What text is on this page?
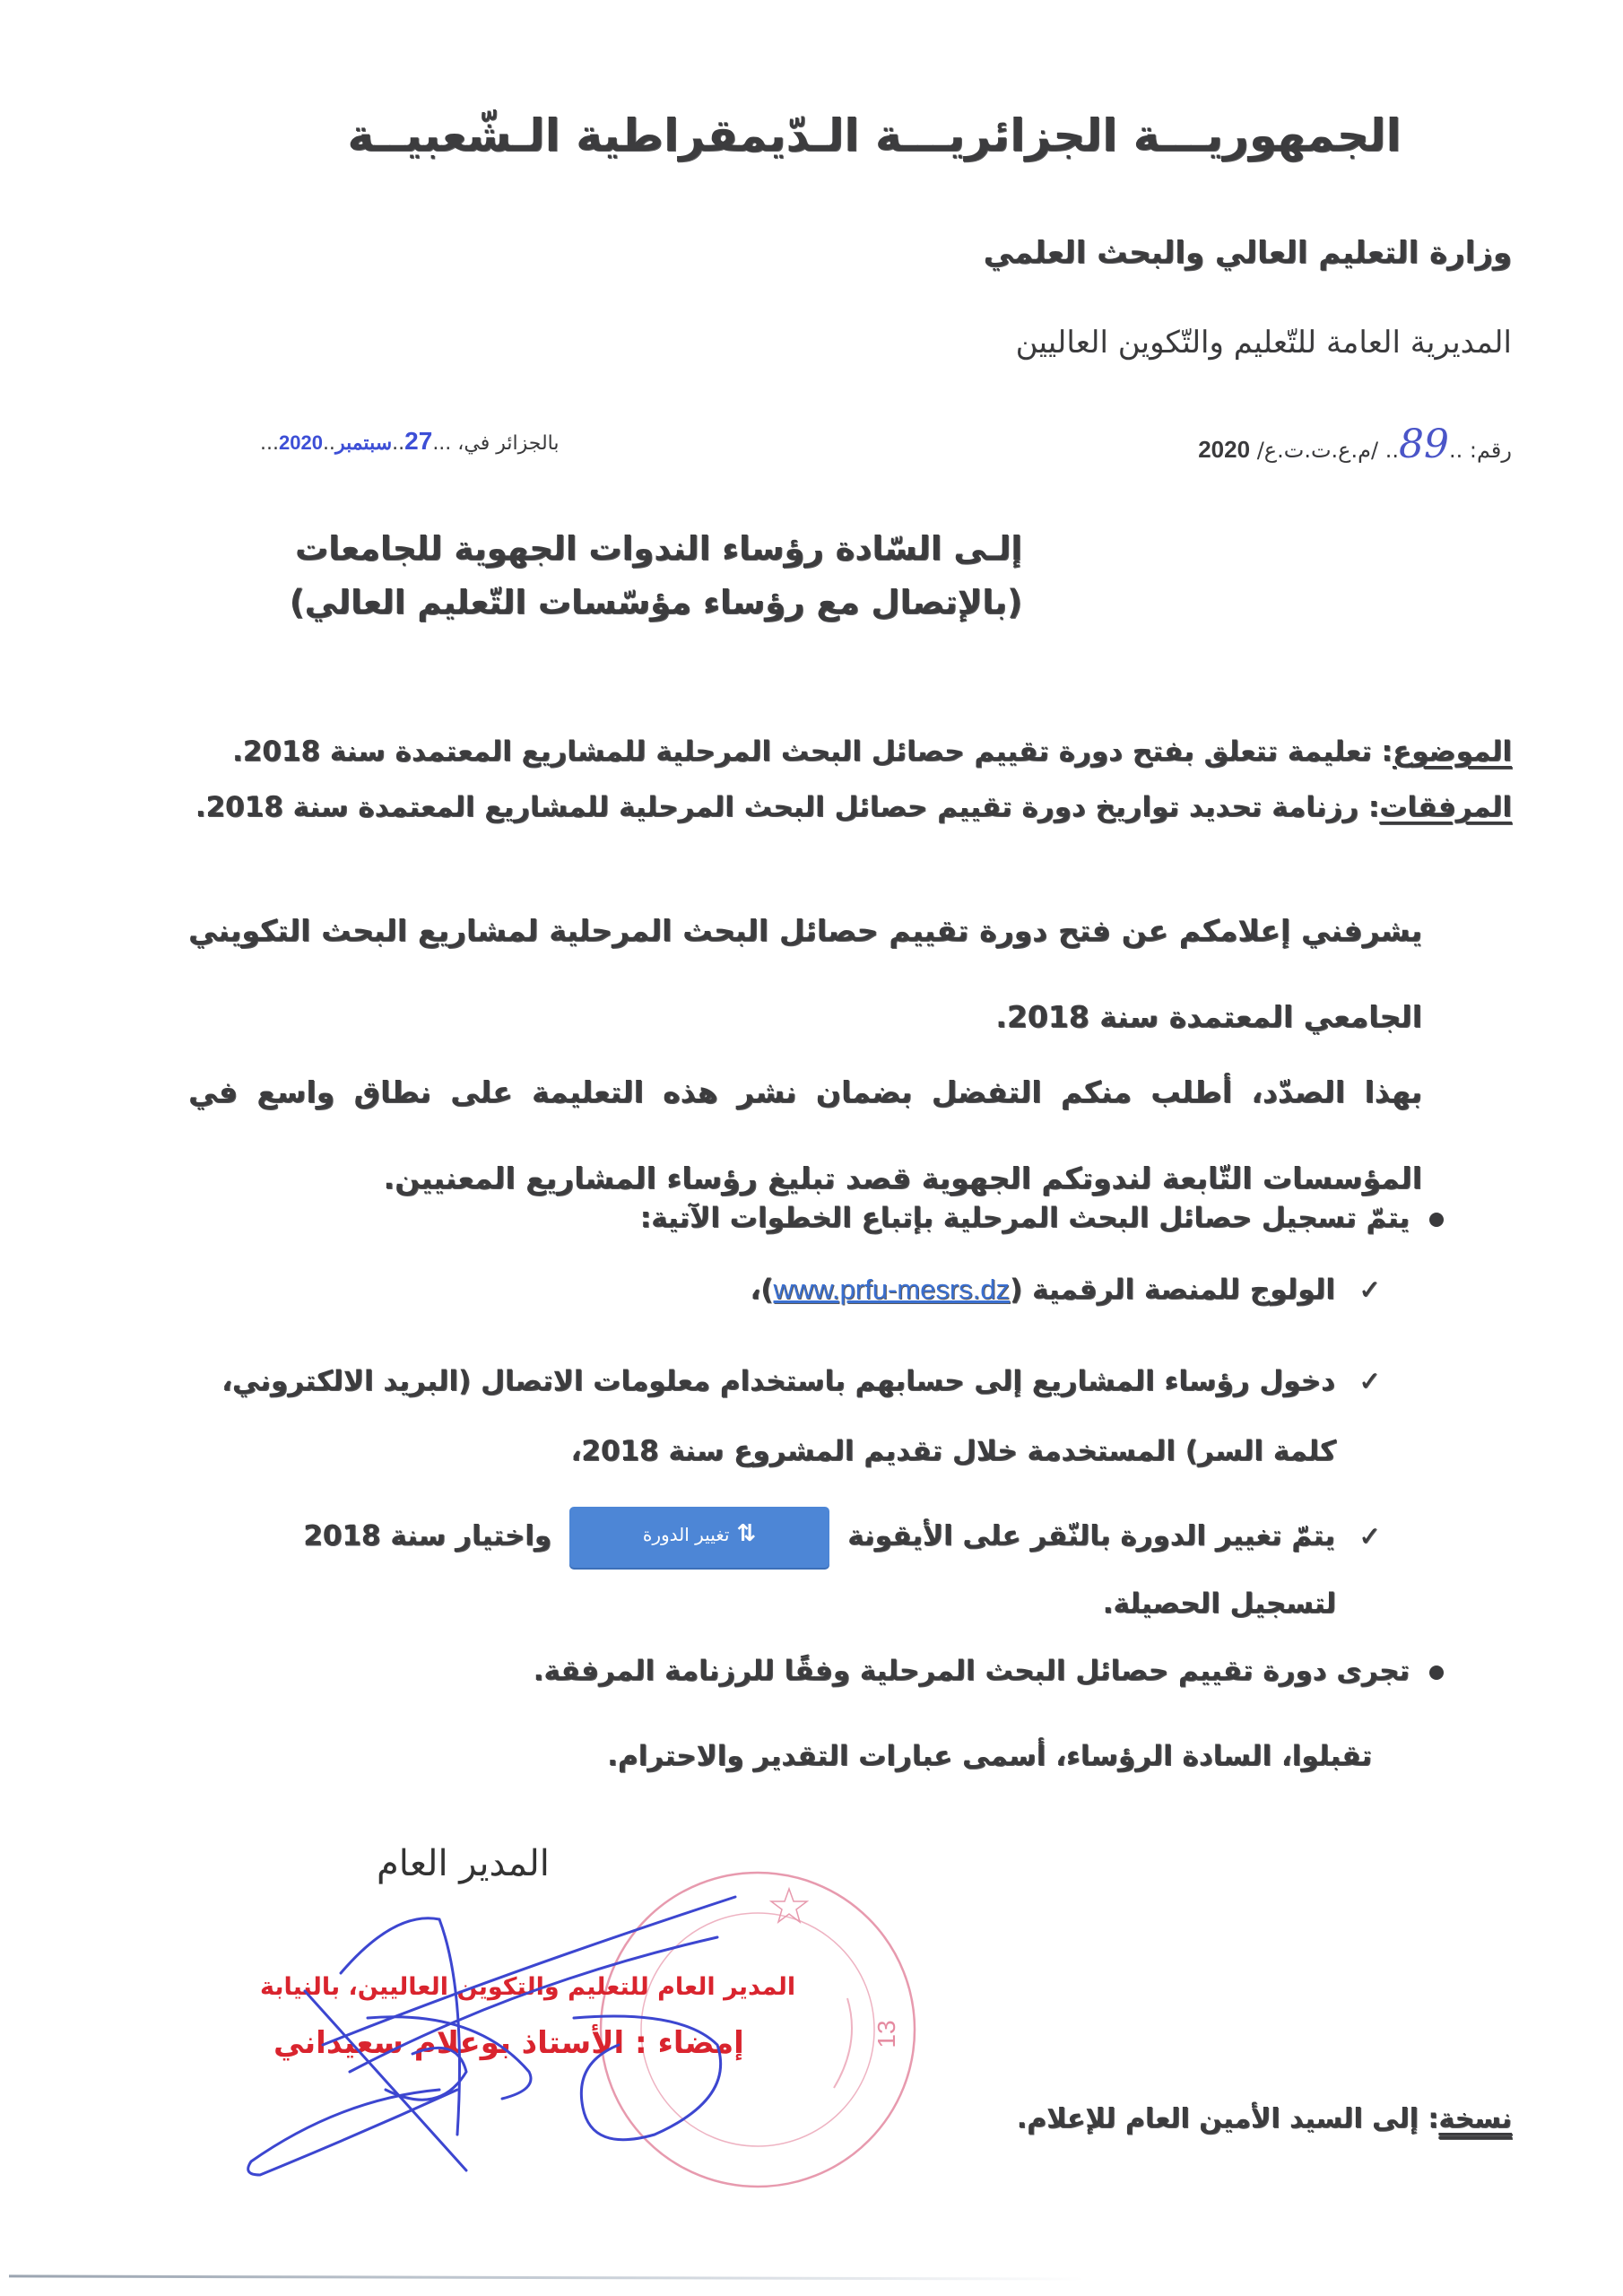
الجمهوريـــة الجزائريـــة الـدّيمقراطية الـشّعبيــة
وزارة التعليم العالي والبحث العلمي
المديرية العامة للتّعليم والتّكوين العاليين
رقم: ..89.. /م.ع.ت.ت.ع/ 2020
بالجزائر في، ...27..سبتمبر..2020...
إلـى السّادة رؤساء الندوات الجهوية للجامعات
(بالإتصال مع رؤساء مؤسّسات التّعليم العالي)
الموضوع: تعليمة تتعلق بفتح دورة تقييم حصائل البحث المرحلية للمشاريع المعتمدة سنة 2018.
المرفقات: رزنامة تحديد تواريخ دورة تقييم حصائل البحث المرحلية للمشاريع المعتمدة سنة 2018.
يشرفني إعلامكم عن فتح دورة تقييم حصائل البحث المرحلية لمشاريع البحث التكويني الجامعي المعتمدة سنة 2018.
بهذا الصدّد، أطلب منكم التفضل بضمان نشر هذه التعليمة على نطاق واسع في المؤسسات التّابعة لندوتكم الجهوية قصد تبليغ رؤساء المشاريع المعنيين.
يتمّ تسجيل حصائل البحث المرحلية بإتباع الخطوات الآتية:
✓الولوج للمنصة الرقمية (www.prfu-mesrs.dz)،
✓دخول رؤساء المشاريع إلى حسابهم باستخدام معلومات الاتصال (البريد الالكتروني،
كلمة السر) المستخدمة خلال تقديم المشروع سنة 2018،
✓يتمّ تغيير الدورة بالنّقر على الأيقونة⇅تغيير الدورةواختيار سنة 2018
لتسجيل الحصيلة.
تجرى دورة تقييم حصائل البحث المرحلية وفقًا للرزنامة المرفقة.
تقبلوا، السادة الرؤساء، أسمى عبارات التقدير والاحترام.
13
المدير العام
المدير العام للتعليم والتكوين العاليين، بالنيابة
إمضاء : الأستاذ بوعلام سعيداني
نسخة: إلى السيد الأمين العام للإعلام.
